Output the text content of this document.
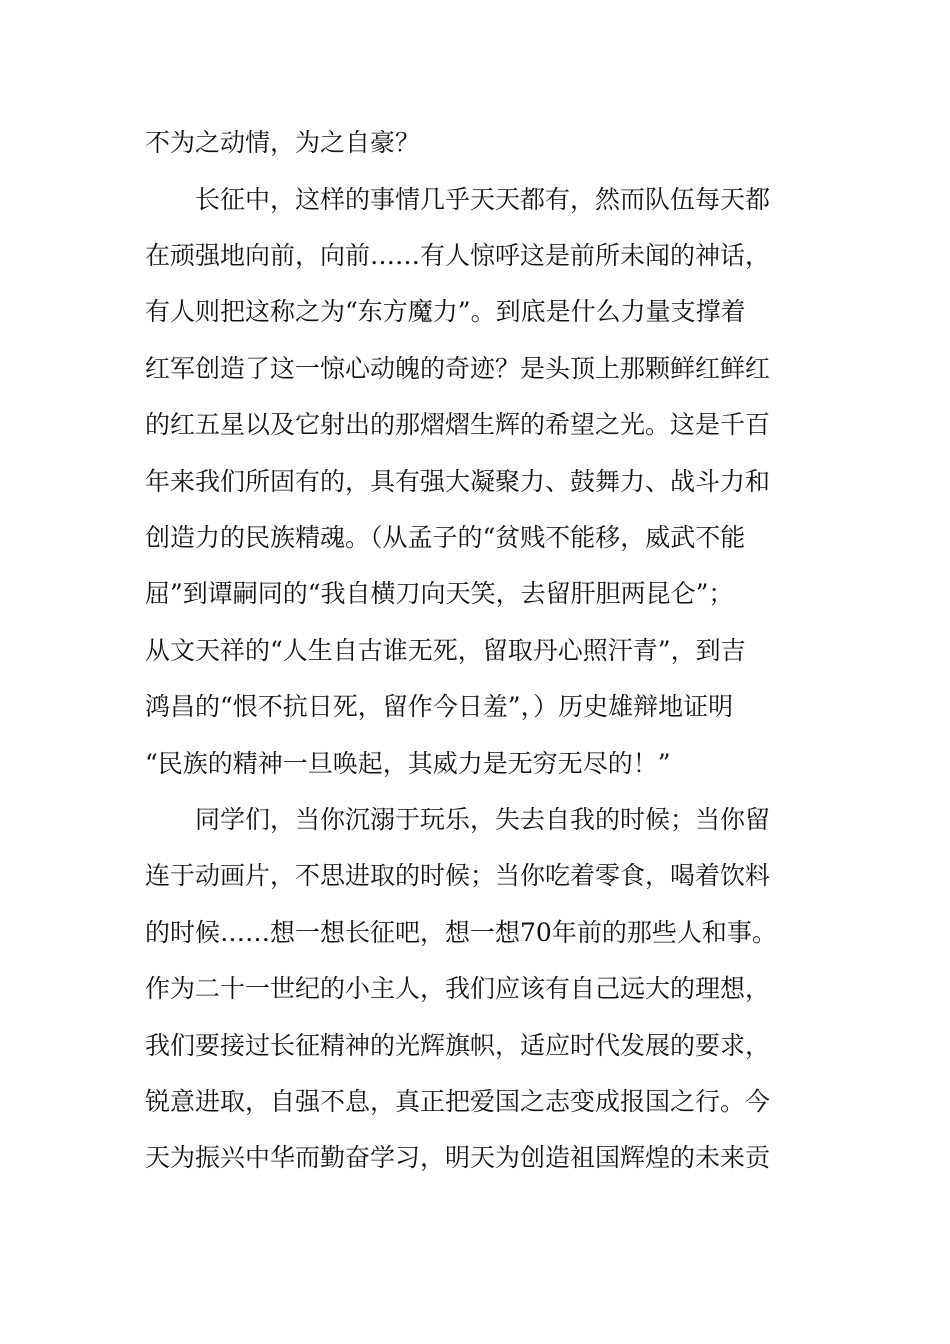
不为之动情，为之自豪？
　　长征中，这样的事情几乎天天都有，然而队伍每天都
在顽强地向前，向前……有人惊呼这是前所未闻的神话，
有人则把这称之为“东方魔力”。到底是什么力量支撑着
红军创造了这一惊心动魄的奇迹？是头顶上那颗鲜红鲜红
的红五星以及它射出的那熠熠生辉的希望之光。这是千百
年来我们所固有的，具有强大凝聚力、鼓舞力、战斗力和
创造力的民族精魂。（从孟子的“贫贱不能移，威武不能
屈”到谭嗣同的“我自横刀向天笑，去留肝胆两昆仑”；
从文天祥的“人生自古谁无死，留取丹心照汗青”，到吉
鸿昌的“恨不抗日死，留作今日羞”，）历史雄辩地证明
“民族的精神一旦唤起，其威力是无穷无尽的！”
　　同学们，当你沉溺于玩乐，失去自我的时候；当你留
连于动画片，不思进取的时候；当你吃着零食，喝着饮料
的时候……想一想长征吧，想一想70年前的那些人和事。
作为二十一世纪的小主人，我们应该有自己远大的理想，
我们要接过长征精神的光辉旗帜，适应时代发展的要求，
锐意进取，自强不息，真正把爱国之志变成报国之行。今
天为振兴中华而勤奋学习，明天为创造祖国辉煌的未来贡
